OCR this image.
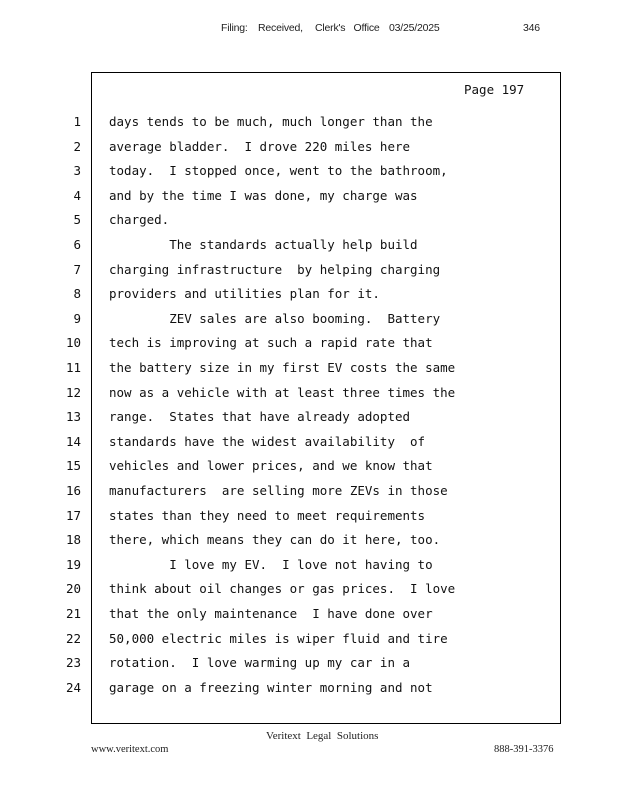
Filing: Received, Clerk's   Office 03/25/2025	346
Page 197
1 days tends to be much, much longer than the
2 average bladder.  I drove 220 miles here
3 today.  I stopped once, went to the bathroom,
4 and by the time I was done, my charge was
5 charged.
6 The standards actually help build
7 charging infrastructure  by helping charging
8 providers and utilities plan for it.
9 ZEV sales are also booming.  Battery
10 tech is improving at such a rapid rate that
11 the battery size in my first EV costs the same
12 now as a vehicle with at least three times the
13 range.  States that have already adopted
14 standards have the widest availability  of
15 vehicles and lower prices, and we know that
16 manufacturers  are selling more ZEVs in those
17 states than they need to meet requirements
18 there, which means they can do it here, too.
19 I love my EV.  I love not having to
20 think about oil changes or gas prices.  I love
21 that the only maintenance  I have done over
22 50,000 electric miles is wiper fluid and tire
23 rotation.  I love warming up my car in a
24 garage on a freezing winter morning and not
Veritext  Legal  Solutions
www.veritext.com	888-391-3376
